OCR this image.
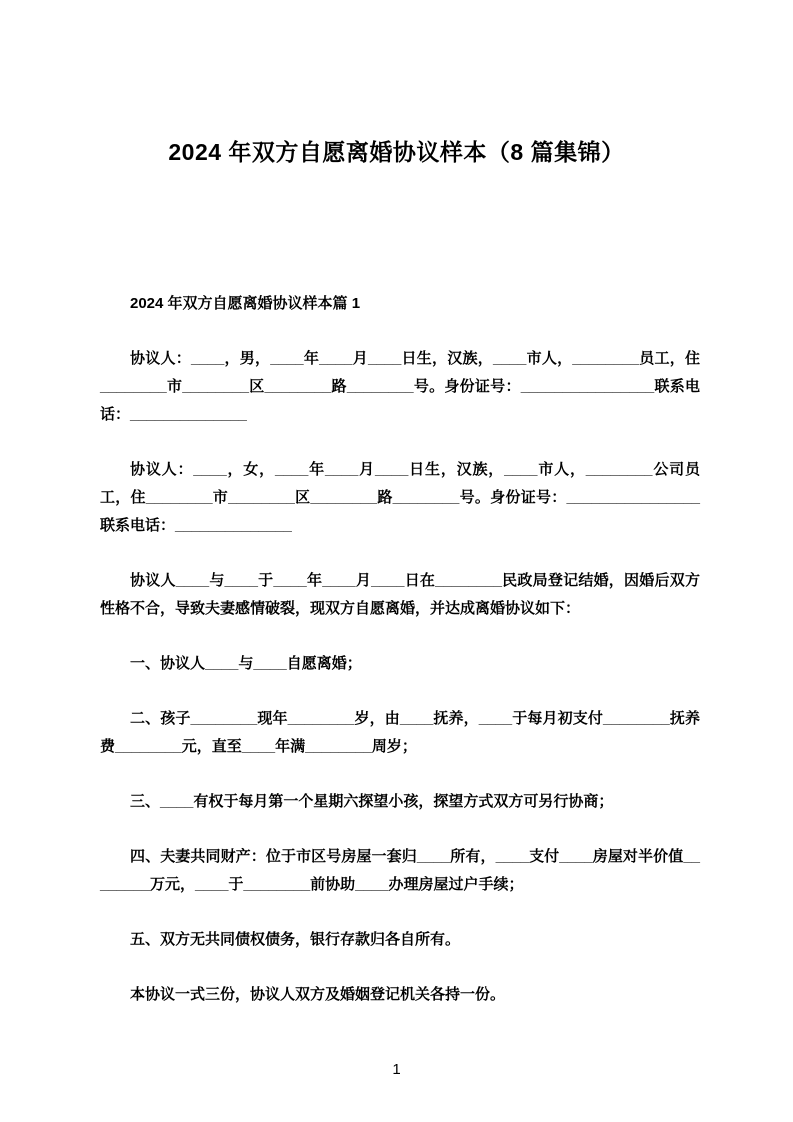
2024 年双方自愿离婚协议样本（8 篇集锦）
2024 年双方自愿离婚协议样本篇 1

协议人：____，男，____年____月____日生，汉族，____市人，________员工，住________市________区________路________号。身份证号：________________联系电话：______________

协议人：____，女，____年____月____日生，汉族，____市人，________公司员工，住________市________区________路________号。身份证号：________________联系电话：______________

协议人____与____于____年____月____日在________民政局登记结婚，因婚后双方性格不合，导致夫妻感情破裂，现双方自愿离婚，并达成离婚协议如下：

一、协议人____与____自愿离婚；

二、孩子________现年________岁，由____抚养，____于每月初支付________抚养费________元，直至____年满________周岁；

三、____有权于每月第一个星期六探望小孩，探望方式双方可另行协商；

四、夫妻共同财产：位于市区号房屋一套归____所有，____支付____房屋对半价值________万元，____于________前协助____办理房屋过户手续；

五、双方无共同债权债务，银行存款归各自所有。

本协议一式三份，协议人双方及婚姻登记机关各持一份。

1
